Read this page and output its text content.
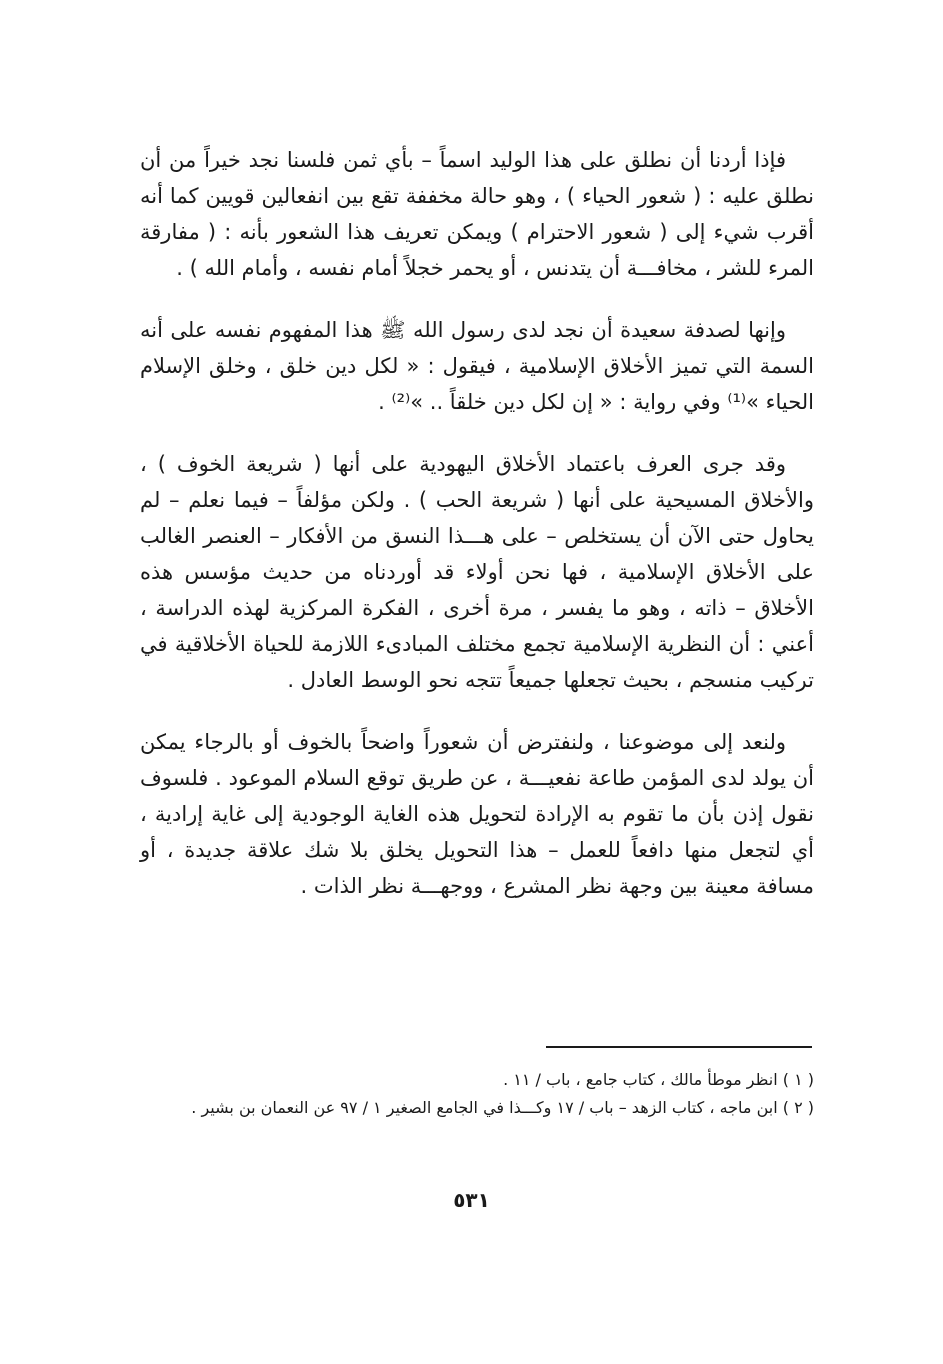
فإذا أردنا أن نطلق على هذا الوليد اسماً – بأي ثمن فلسنا نجد خيراً من أن نطلق عليه : ( شعور الحياء ) ، وهو حالة مخففة تقع بين انفعالين قويين كما أنه أقرب شيء إلى ( شعور الاحترام ) ويمكن تعريف هذا الشعور بأنه : ( مفارقة المرء للشر ، مخافـــة أن يتدنس ، أو يحمر خجلاً أمام نفسه ، وأمام الله ) .

وإنها لصدفة سعيدة أن نجد لدى رسول الله ﷺ هذا المفهوم نفسه على أنه السمة التي تميز الأخلاق الإسلامية ، فيقول : « لكل دين خلق ، وخلق الإسلام الحياء »⁽¹⁾ وفي رواية : « إن لكل دين خلقاً .. »⁽²⁾ .

وقد جرى العرف باعتماد الأخلاق اليهودية على أنها ( شريعة الخوف ) ، والأخلاق المسيحية على أنها ( شريعة الحب ) . ولكن مؤلفاً – فيما نعلم – لم يحاول حتى الآن أن يستخلص – على هـــذا النسق من الأفكار – العنصر الغالب على الأخلاق الإسلامية ، فها نحن أولاء قد أوردناه من حديث مؤسس هذه الأخلاق – ذاته ، وهو ما يفسر ، مرة أخرى ، الفكرة المركزية لهذه الدراسة ، أعني : أن النظرية الإسلامية تجمع مختلف المبادىء اللازمة للحياة الأخلاقية في تركيب منسجم ، بحيث تجعلها جميعاً تتجه نحو الوسط العادل .

ولنعد إلى موضوعنا ، ولنفترض أن شعوراً واضحاً بالخوف أو بالرجاء يمكن أن يولد لدى المؤمن طاعة نفعيـــة ، عن طريق توقع السلام الموعود . فلسوف نقول إذن بأن ما تقوم به الإرادة لتحويل هذه الغاية الوجودية إلى غاية إرادية ، أي لتجعل منها دافعاً للعمل – هذا التحويل يخلق بلا شك علاقة جديدة ، أو مسافة معينة بين وجهة نظر المشرع ، ووجهـــة نظر الذات .

( ١ ) انظر موطأ مالك ، كتاب جامع ، باب / ١١ .

( ٢ ) ابن ماجه ، كتاب الزهد – باب / ١٧ وكـــذا في الجامع الصغير ١ / ٩٧ عن النعمان بن بشير .

٥٣١
